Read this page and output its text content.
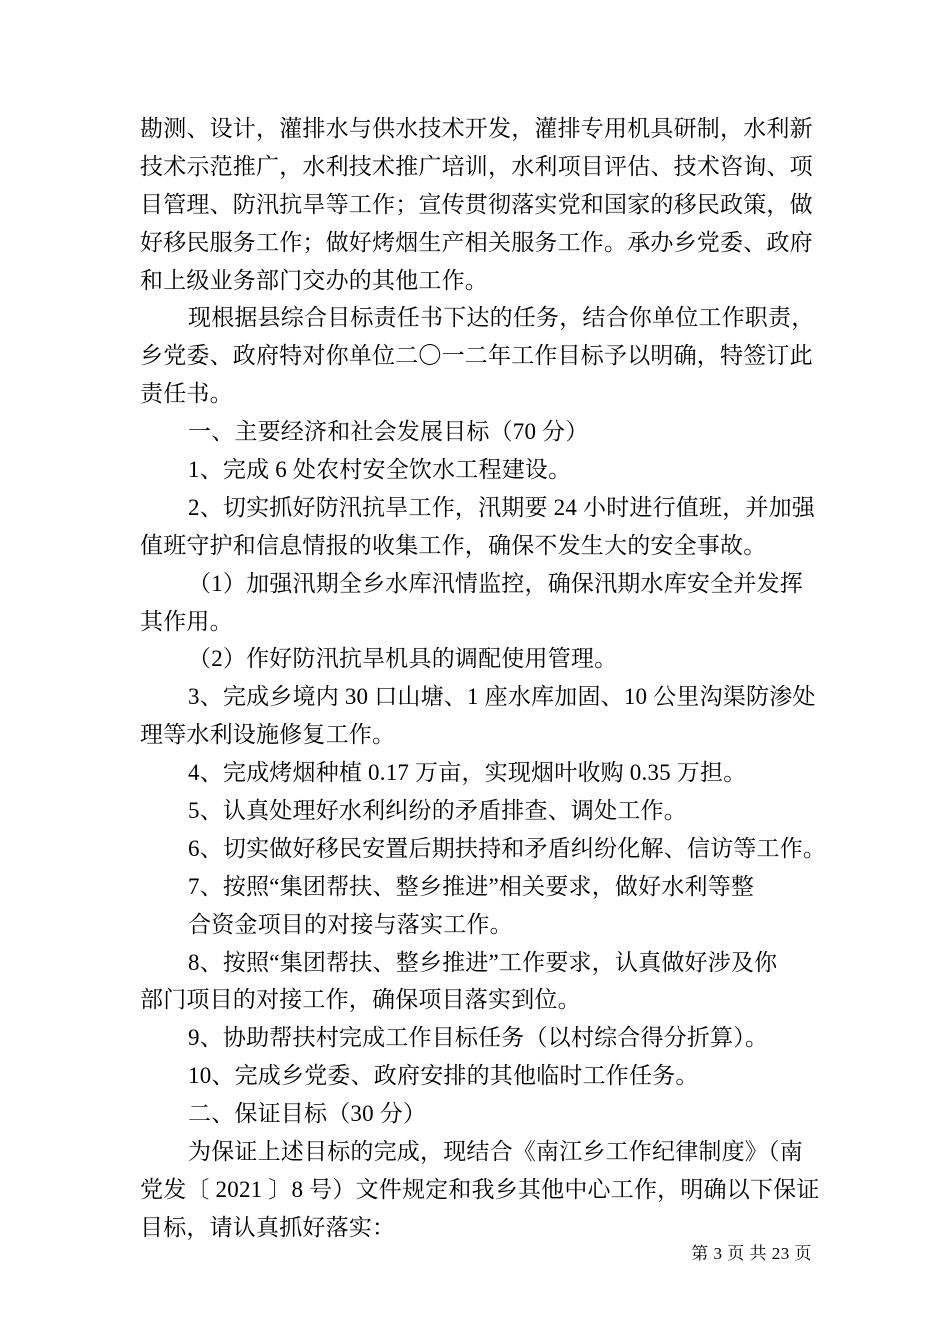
勘测、设计，灌排水与供水技术开发，灌排专用机具研制，水利新
技术示范推广，水利技术推广培训，水利项目评估、技术咨询、项
目管理、防汛抗旱等工作；宣传贯彻落实党和国家的移民政策，做
好移民服务工作；做好烤烟生产相关服务工作。承办乡党委、政府
和上级业务部门交办的其他工作。
现根据县综合目标责任书下达的任务，结合你单位工作职责，
乡党委、政府特对你单位二〇一二年工作目标予以明确，特签订此
责任书。
一、主要经济和社会发展目标（70 分）
1、完成 6 处农村安全饮水工程建设。
2、切实抓好防汛抗旱工作，汛期要 24 小时进行值班，并加强
值班守护和信息情报的收集工作，确保不发生大的安全事故。
（1）加强汛期全乡水库汛情监控，确保汛期水库安全并发挥
其作用。
（2）作好防汛抗旱机具的调配使用管理。
3、完成乡境内 30 口山塘、1 座水库加固、10 公里沟渠防渗处
理等水利设施修复工作。
4、完成烤烟种植 0.17 万亩，实现烟叶收购 0.35 万担。
5、认真处理好水利纠纷的矛盾排查、调处工作。
6、切实做好移民安置后期扶持和矛盾纠纷化解、信访等工作。
7、按照“集团帮扶、整乡推进”相关要求，做好水利等整
合资金项目的对接与落实工作。
8、按照“集团帮扶、整乡推进”工作要求，认真做好涉及你
部门项目的对接工作，确保项目落实到位。
9、协助帮扶村完成工作目标任务（以村综合得分折算）。
10、完成乡党委、政府安排的其他临时工作任务。
二、保证目标（30 分）
为保证上述目标的完成，现结合《南江乡工作纪律制度》（南
党发〔 2021 〕8 号）文件规定和我乡其他中心工作，明确以下保证
目标，请认真抓好落实：
第 3 页 共 23 页
